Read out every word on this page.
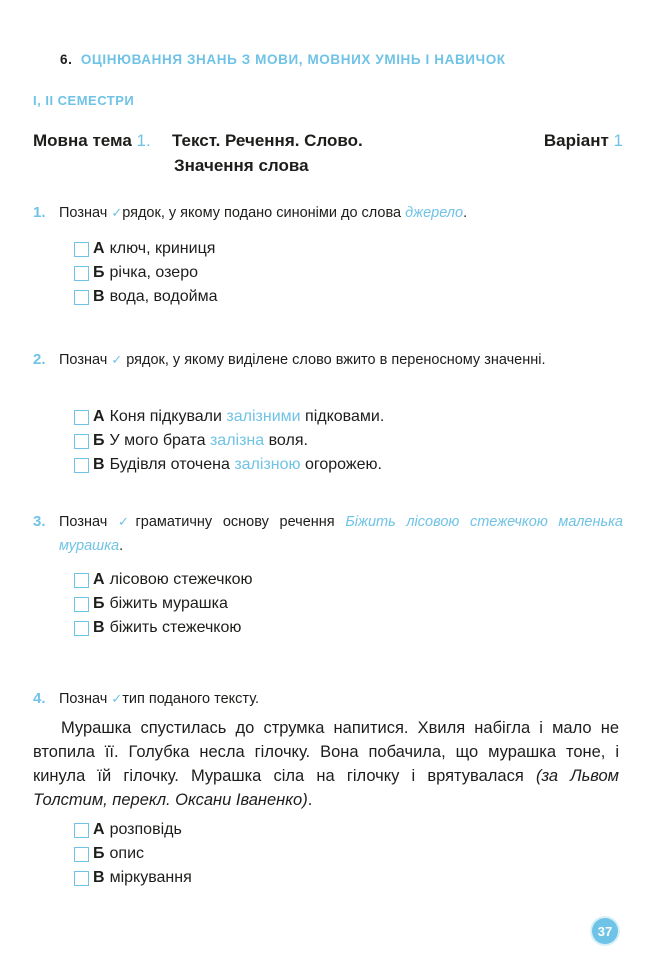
6. ОЦІНЮВАННЯ ЗНАНЬ З МОВИ, МОВНИХ УМІНЬ І НАВИЧОК
І, ІІ СЕМЕСТРИ
Мовна тема 1. Текст. Речення. Слово.
Значення слова
Варіант 1
1. Познач ✓рядок, у якому подано синоніми до слова джерело.
А ключ, криниця
Б річка, озеро
В вода, водойма
2. Познач ✓ рядок, у якому виділене слово вжито в переносному значенні.
А Коня підкували
залізними
підковами.
Б У мого брата
залізна
воля.
В Будівля оточена
залізною
огорожею.
3. Познач ✓граматичну основу речення Біжить лісовою стежечкою маленька мурашка.
А лісовою стежечкою
Б біжить мурашка
В біжить стежечкою
4. Познач ✓тип поданого тексту.
Мурашка спустилась до струмка напитися. Хвиля набігла і мало не втопила її. Голубка несла гілочку. Вона побачила, що мурашка тоне, і кинула їй гілочку. Мурашка сіла на гілочку і врятувалася (за Львом Толстим, перекл. Оксани Іваненко).
А розповідь
Б опис
В міркування
37
